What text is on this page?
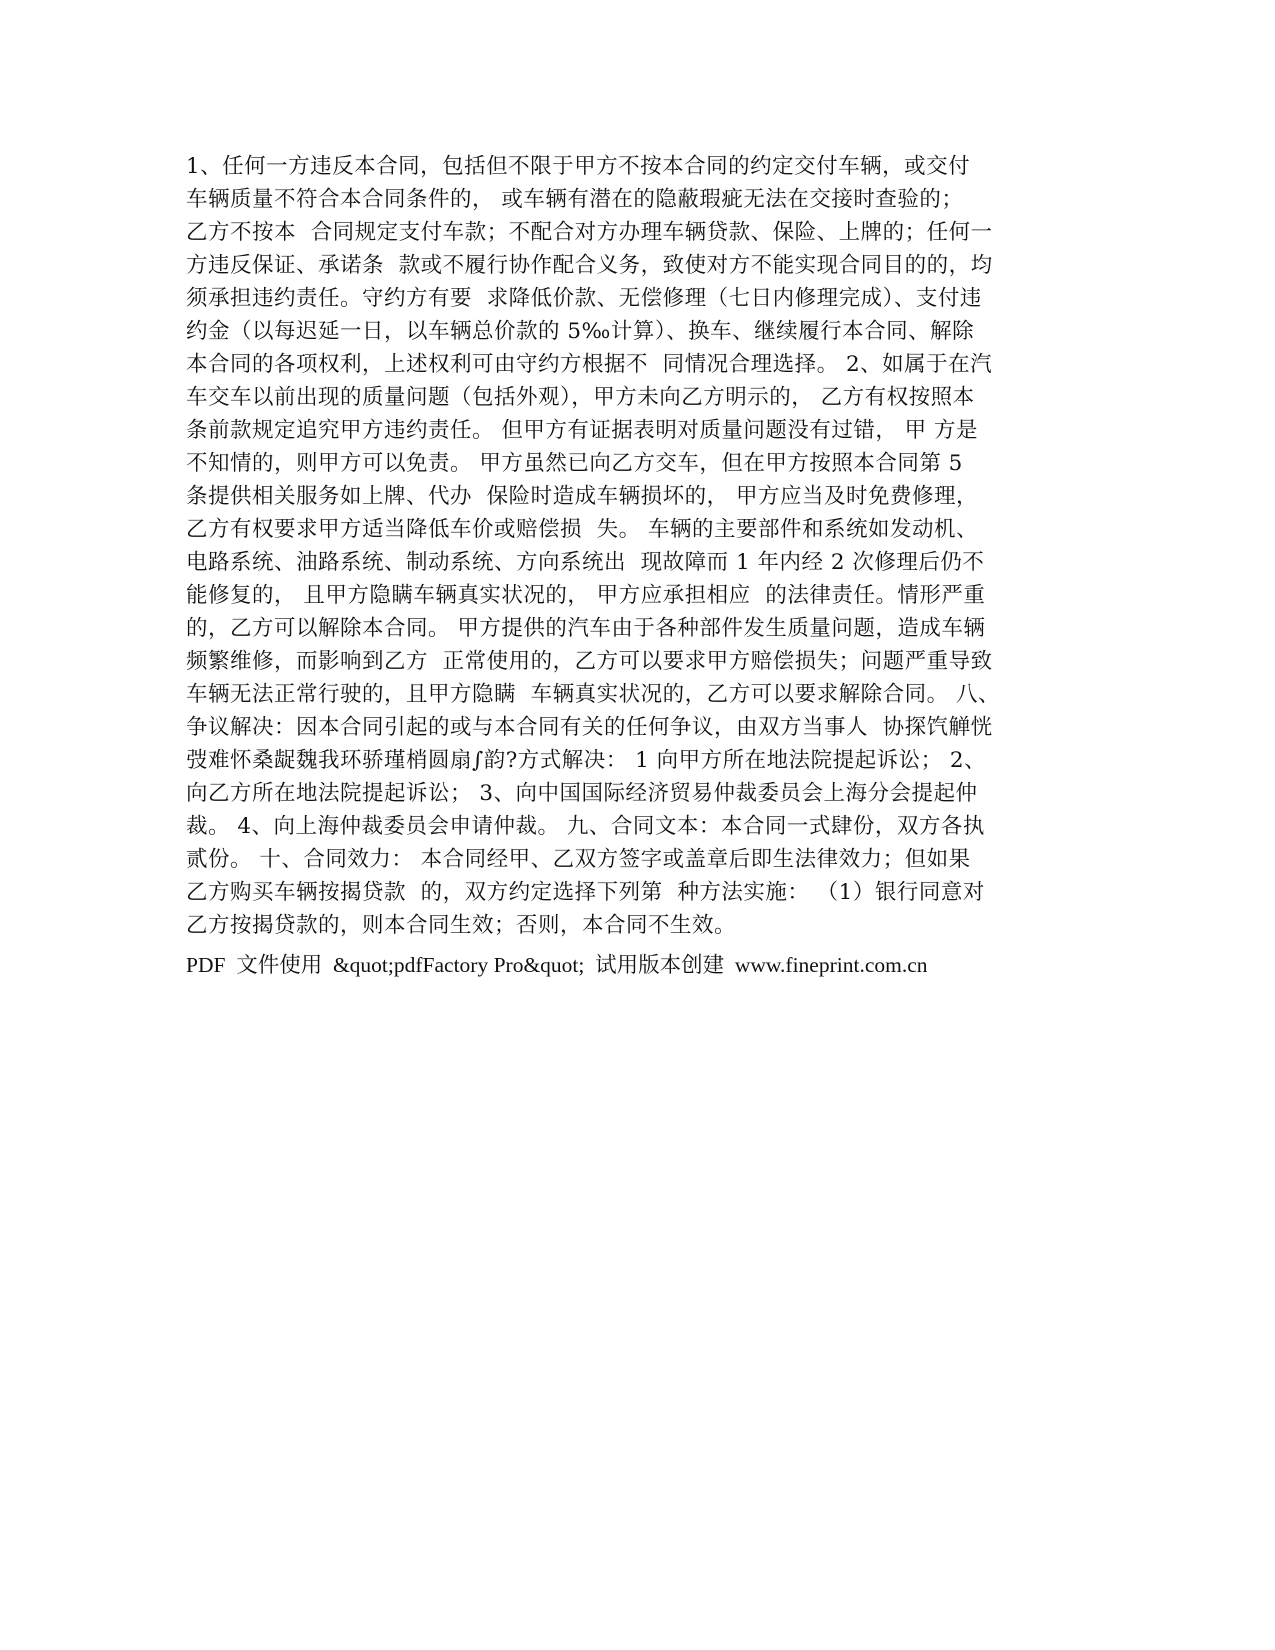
1、任何一方违反本合同，包括但不限于甲方不按本合同的约定交付车辆，或交付
车辆质量不符合本合同条件的， 或车辆有潜在的隐蔽瑕疵无法在交接时查验的；
乙方不按本  合同规定支付车款；不配合对方办理车辆贷款、保险、上牌的；任何一
方违反保证、承诺条  款或不履行协作配合义务，致使对方不能实现合同目的的，均
须承担违约责任。守约方有要  求降低价款、无偿修理（七日内修理完成）、支付违
约金（以每迟延一日，以车辆总价款的 5‰计算）、换车、继续履行本合同、解除
本合同的各项权利，上述权利可由守约方根据不  同情况合理选择。 2、如属于在汽
车交车以前出现的质量问题（包括外观），甲方未向乙方明示的， 乙方有权按照本
条前款规定追究甲方违约责任。 但甲方有证据表明对质量问题没有过错， 甲 方是
不知情的，则甲方可以免责。 甲方虽然已向乙方交车，但在甲方按照本合同第 5
条提供相关服务如上牌、代办  保险时造成车辆损坏的， 甲方应当及时免费修理，
乙方有权要求甲方适当降低车价或赔偿损  失。 车辆的主要部件和系统如发动机、
电路系统、油路系统、制动系统、方向系统出  现故障而 1 年内经 2 次修理后仍不
能修复的， 且甲方隐瞒车辆真实状况的， 甲方应承担相应  的法律责任。情形严重
的，乙方可以解除本合同。 甲方提供的汽车由于各种部件发生质量问题，造成车辆
频繁维修，而影响到乙方  正常使用的，乙方可以要求甲方赔偿损失；问题严重导致
车辆无法正常行驶的，且甲方隐瞒  车辆真实状况的，乙方可以要求解除合同。 八、
争议解决：因本合同引起的或与本合同有关的任何争议，由双方当事人  协探饩觯恍
弢难怀桑龊魏我环骄瑾梢圆扇∫韵?方式解决： 1 向甲方所在地法院提起诉讼； 2、
向乙方所在地法院提起诉讼； 3、向中国国际经济贸易仲裁委员会上海分会提起仲
裁。 4、向上海仲裁委员会申请仲裁。 九、合同文本：本合同一式肆份，双方各执
贰份。 十、合同效力： 本合同经甲、乙双方签字或盖章后即生法律效力；但如果
乙方购买车辆按揭贷款  的，双方约定选择下列第  种方法实施： （1）银行同意对
乙方按揭贷款的，则本合同生效；否则，本合同不生效。
PDF  文件使用  &quot;pdfFactory Pro&quot;  试用版本创建  www.fineprint.com.cn
